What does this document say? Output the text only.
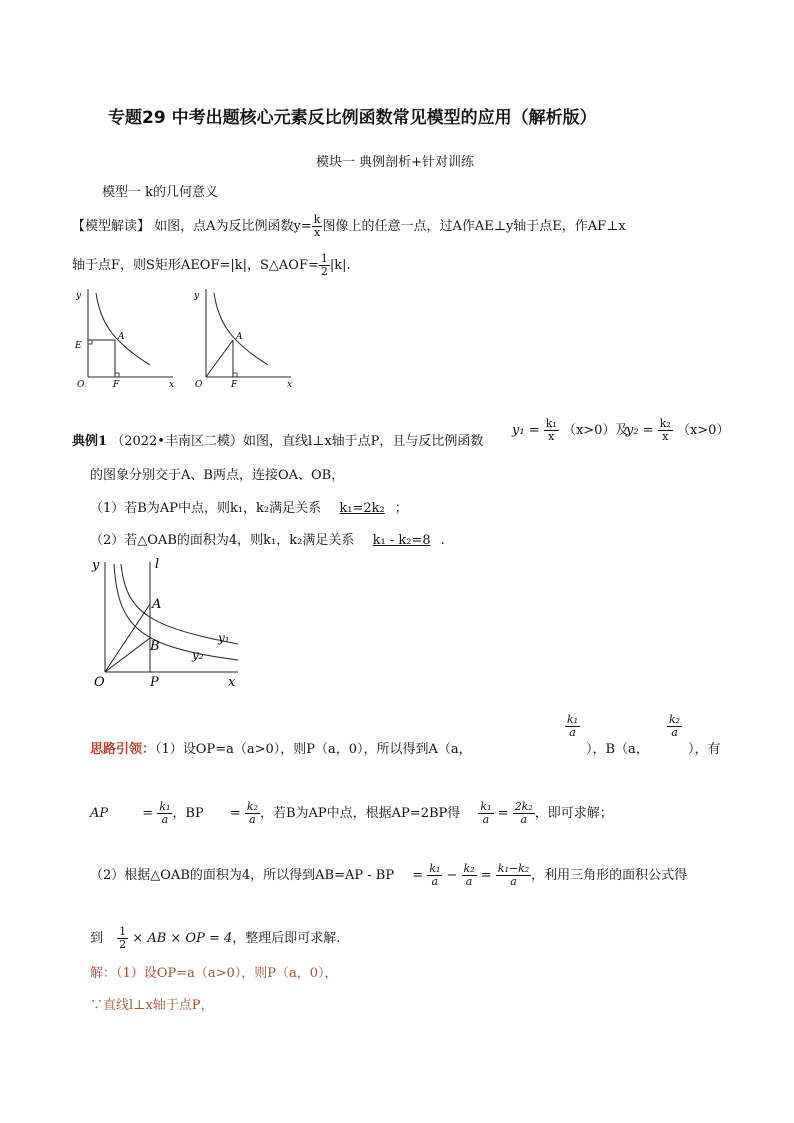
专题29 中考出题核心元素反比例函数常见模型的应用（解析版）
模块一 典例剖析+针对训练
模型一 k的几何意义
【模型解读】 如图，点A为反比例函数$y= \frac{k}{x}$ 图像上的任意一点，过A作AE⊥y轴于点E，作AF⊥x
轴于点F，则S矩形AEOF=|k|，S△AOF= $\frac{1}{2} |k|$.
y
x
O
E
F
A
y
x
O	F
A
典例1 （2022•丰南区二模）如图，直线l⊥x轴于点P，且与反比例函数
$y_1 = \frac{\text{k₁}}{x} (x>0)$及
$y_2 = \frac{\text{k₂}}{x} (x>0)$
的图象分别交于A、B两点，连接OA、OB，
（1）若B为AP中点，则k₁，k₂满足关系 k₁=2k₂ ；
（2）若△OAB的面积为4，则k₁，k₂满足关系 k₁ - k₂=8 .
y	l
A
B
y₁
y₂
O	P	x
思路引领：（1）设OP=a（a>0），则P（a，0），所以得到A（a，
$\frac{\text{k₁}}{a}$
），B（a，
$\frac{\text{k₂}}{a}$
），有
AP	= $\frac{\text{k₁}}{a}$ ，BP = $\frac{\text{k₂}}{a}$ ，若B为AP中点，根据AP=2BP得 $\frac{\text{k₁}}{a} = \frac{\text{2k₂}}{a}$ ，即可求解；
（2）根据△OAB的面积为4，所以得到AB=AP - BP = $\frac{\text{k₁}}{a} - \frac{\text{k₂}}{a} = \frac{\text{k₁−k₂}}{a}$ ，利用三角形的面积公式得
到 $\frac{1}{2}$ × AB × OP = 4，整理后即可求解.
解：（1）设OP=a（a>0），则P（a，0），
∵直线l⊥x轴于点P，
